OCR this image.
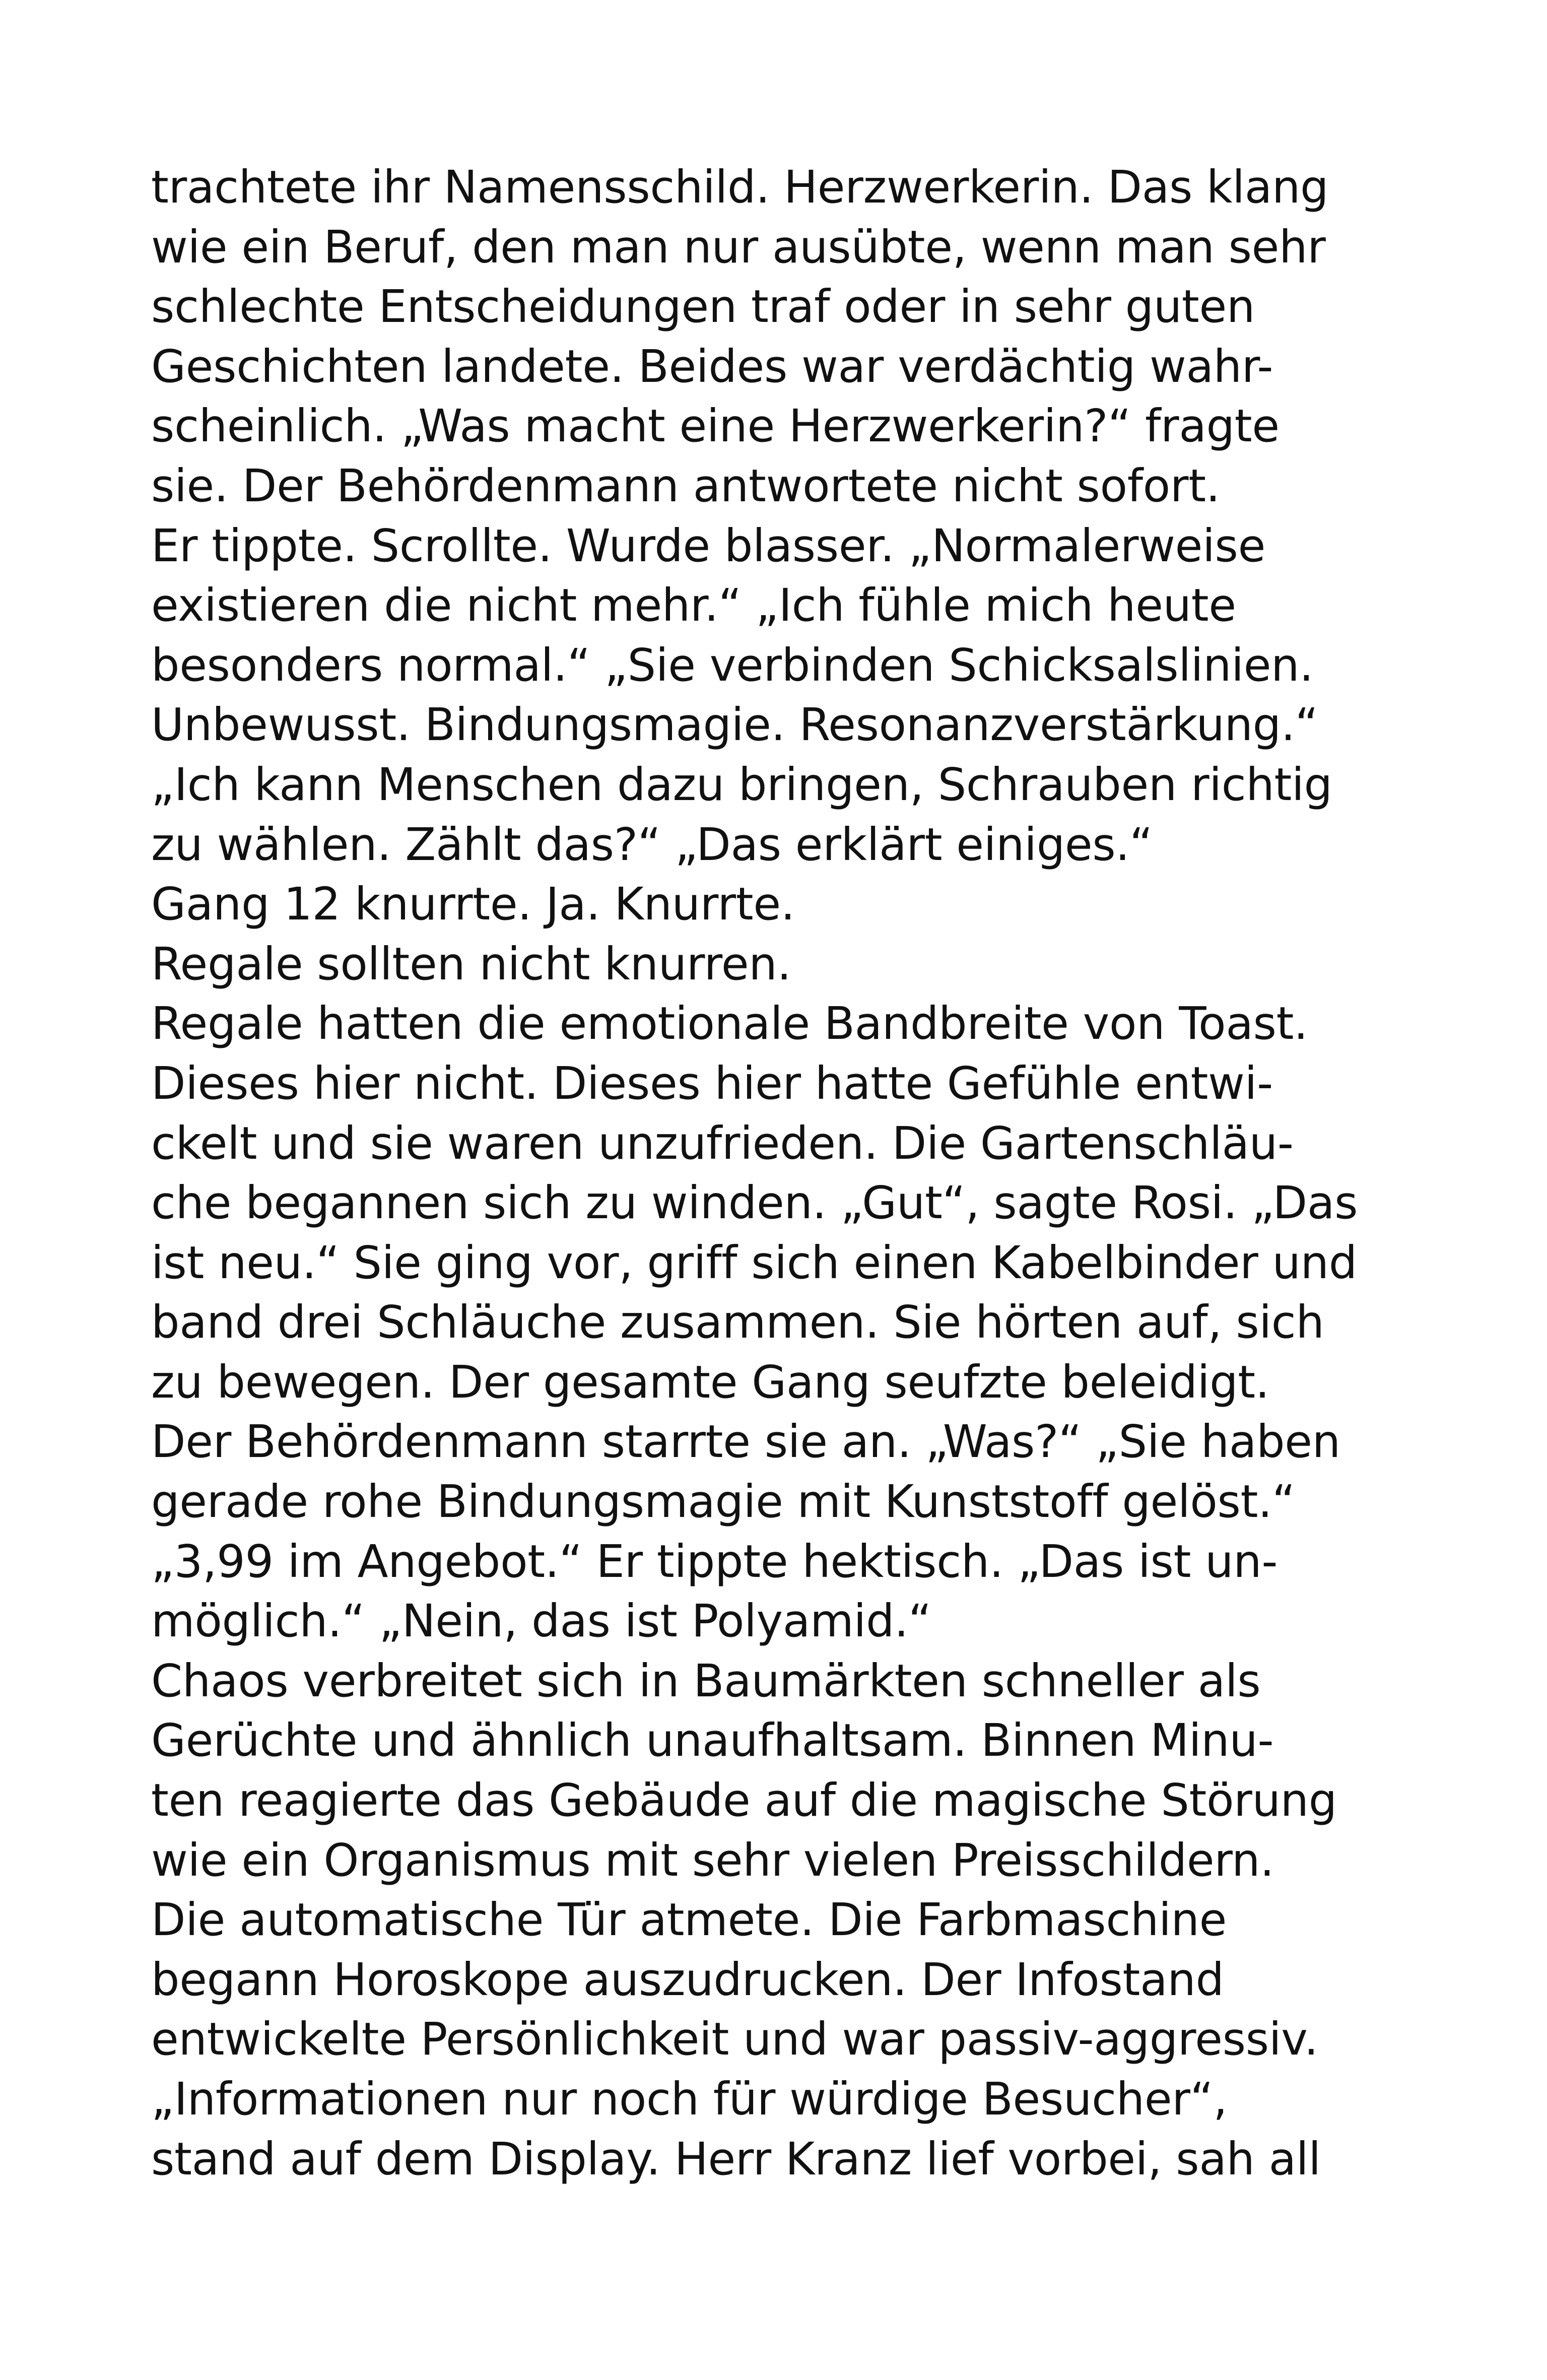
trachtete ihr Namensschild. Herzwerkerin. Das klang
wie ein Beruf, den man nur ausübte, wenn man sehr
schlechte Entscheidungen traf oder in sehr guten
Geschichten landete. Beides war verdächtig wahr-
scheinlich. „Was macht eine Herzwerkerin?“ fragte
sie. Der Behördenmann antwortete nicht sofort.
Er tippte. Scrollte. Wurde blasser. „Normalerweise
existieren die nicht mehr.“ „Ich fühle mich heute
besonders normal.“ „Sie verbinden Schicksalslinien.
Unbewusst. Bindungsmagie. Resonanzverstärkung.“
„Ich kann Menschen dazu bringen, Schrauben richtig
zu wählen. Zählt das?“ „Das erklärt einiges.“
Gang 12 knurrte. Ja. Knurrte.
Regale sollten nicht knurren.
Regale hatten die emotionale Bandbreite von Toast.
Dieses hier nicht. Dieses hier hatte Gefühle entwi-
ckelt und sie waren unzufrieden. Die Gartenschläu-
che begannen sich zu winden. „Gut“, sagte Rosi. „Das
ist neu.“ Sie ging vor, griff sich einen Kabelbinder und
band drei Schläuche zusammen. Sie hörten auf, sich
zu bewegen. Der gesamte Gang seufzte beleidigt.
Der Behördenmann starrte sie an. „Was?“ „Sie haben
gerade rohe Bindungsmagie mit Kunststoff gelöst.“
„3,99 im Angebot.“ Er tippte hektisch. „Das ist un-
möglich.“ „Nein, das ist Polyamid.“
Chaos verbreitet sich in Baumärkten schneller als
Gerüchte und ähnlich unaufhaltsam. Binnen Minu-
ten reagierte das Gebäude auf die magische Störung
wie ein Organismus mit sehr vielen Preisschildern.
Die automatische Tür atmete. Die Farbmaschine
begann Horoskope auszudrucken. Der Infostand
entwickelte Persönlichkeit und war passiv-aggressiv.
„Informationen nur noch für würdige Besucher“,
stand auf dem Display. Herr Kranz lief vorbei, sah all
